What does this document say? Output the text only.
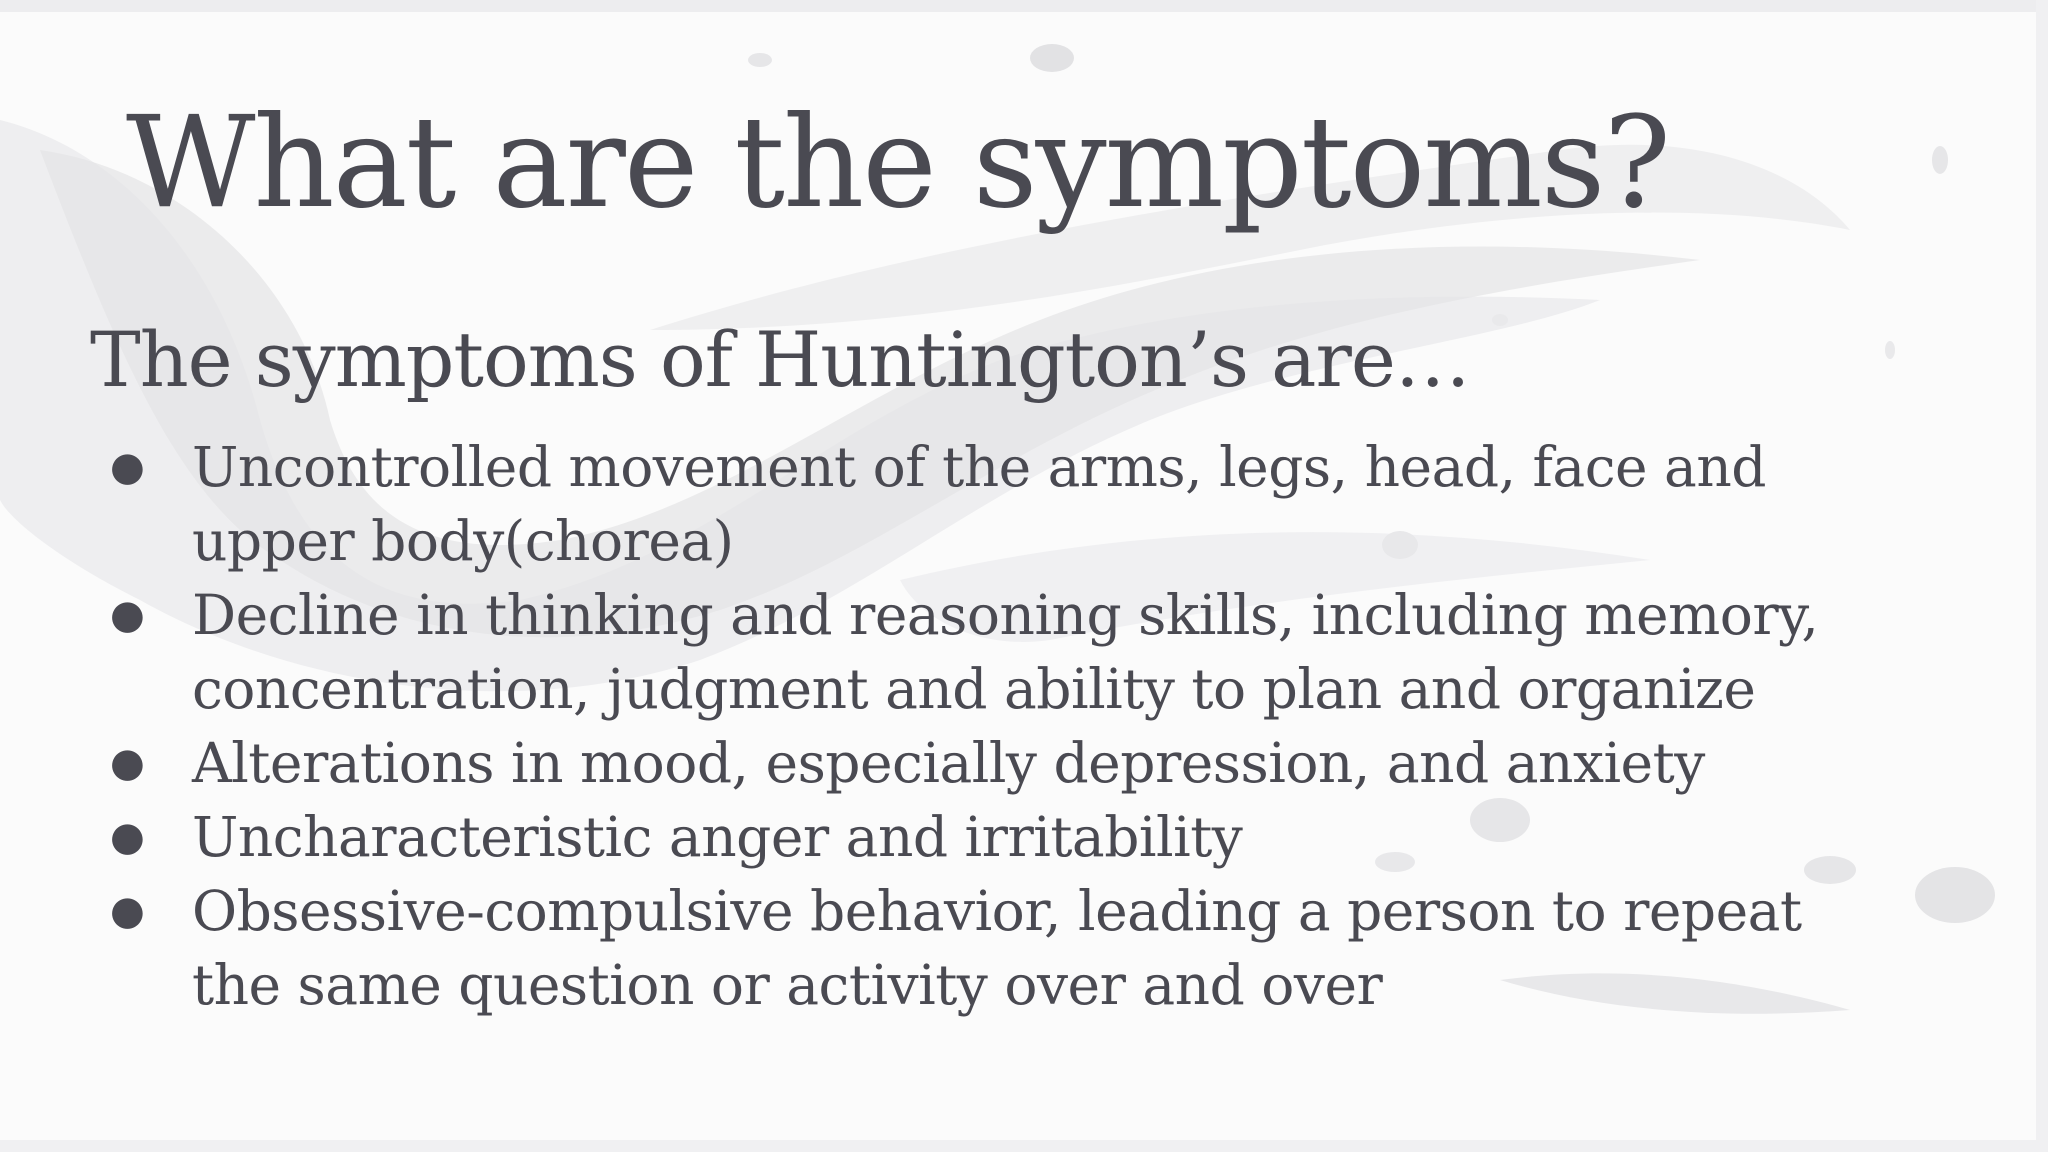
What are the symptoms?
The symptoms of Huntington’s are…
● Uncontrolled movement of the arms, legs, head, face and upper body(chorea)
● Decline in thinking and reasoning skills, including memory, concentration, judgment and ability to plan and organize
● Alterations in mood, especially depression, and anxiety
● Uncharacteristic anger and irritability
● Obsessive-compulsive behavior, leading a person to repeat the same question or activity over and over
